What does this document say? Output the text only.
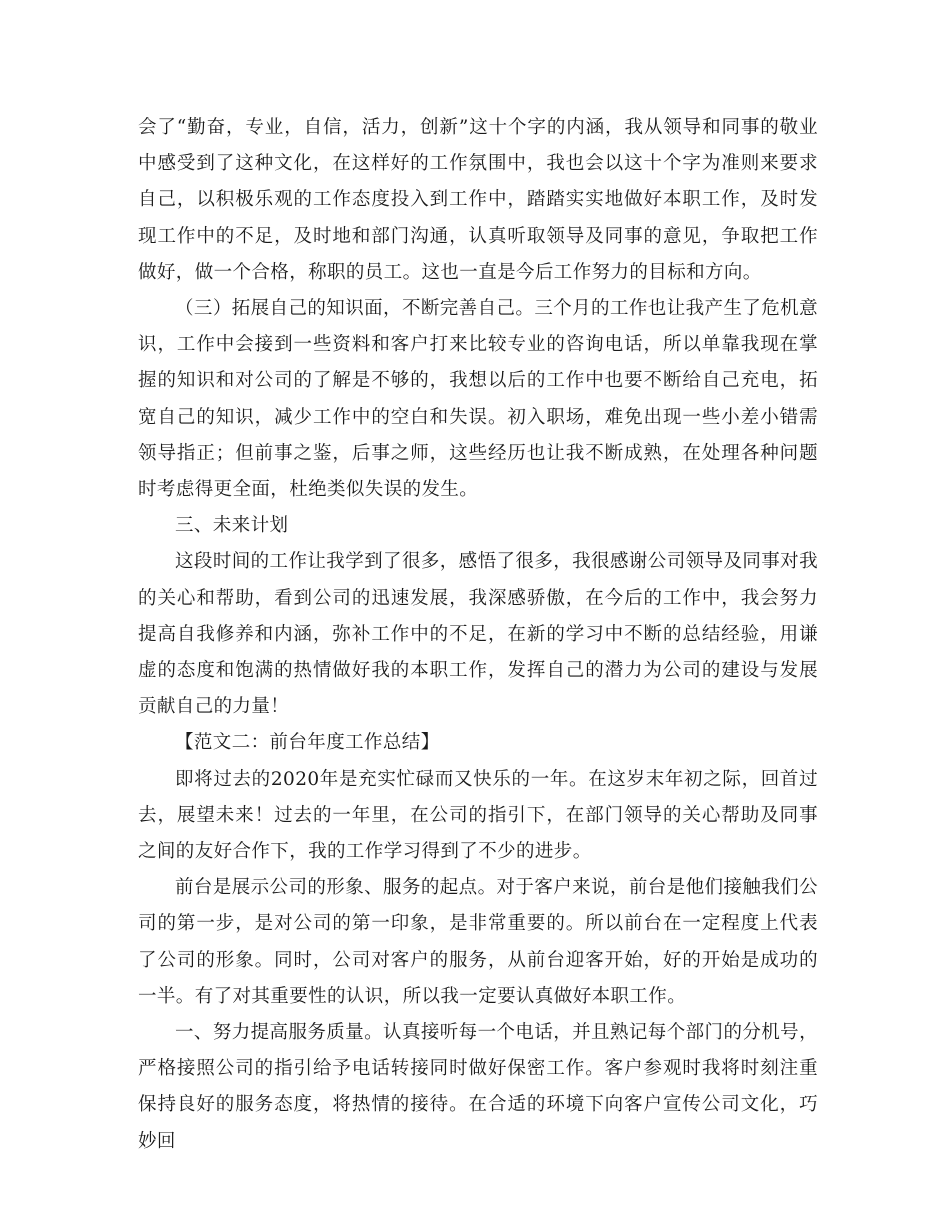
会了“勤奋，专业，自信，活力，创新”这十个字的内涵，我从领导和同事的敬业中感受到了这种文化，在这样好的工作氛围中，我也会以这十个字为准则来要求自己，以积极乐观的工作态度投入到工作中，踏踏实实地做好本职工作，及时发现工作中的不足，及时地和部门沟通，认真听取领导及同事的意见，争取把工作做好，做一个合格，称职的员工。这也一直是今后工作努力的目标和方向。

（三）拓展自己的知识面，不断完善自己。三个月的工作也让我产生了危机意识，工作中会接到一些资料和客户打来比较专业的咨询电话，所以单靠我现在掌握的知识和对公司的了解是不够的，我想以后的工作中也要不断给自己充电，拓宽自己的知识，减少工作中的空白和失误。初入职场，难免出现一些小差小错需领导指正；但前事之鉴，后事之师，这些经历也让我不断成熟，在处理各种问题时考虑得更全面，杜绝类似失误的发生。

三、未来计划

这段时间的工作让我学到了很多，感悟了很多，我很感谢公司领导及同事对我的关心和帮助，看到公司的迅速发展，我深感骄傲，在今后的工作中，我会努力提高自我修养和内涵，弥补工作中的不足，在新的学习中不断的总结经验，用谦虚的态度和饱满的热情做好我的本职工作，发挥自己的潜力为公司的建设与发展贡献自己的力量！

【范文二：前台年度工作总结】

即将过去的2020年是充实忙碌而又快乐的一年。在这岁末年初之际，回首过去，展望未来！过去的一年里，在公司的指引下，在部门领导的关心帮助及同事之间的友好合作下，我的工作学习得到了不少的进步。

前台是展示公司的形象、服务的起点。对于客户来说，前台是他们接触我们公司的第一步，是对公司的第一印象，是非常重要的。所以前台在一定程度上代表了公司的形象。同时，公司对客户的服务，从前台迎客开始，好的开始是成功的一半。有了对其重要性的认识，所以我一定要认真做好本职工作。

一、努力提高服务质量。认真接听每一个电话，并且熟记每个部门的分机号，严格接照公司的指引给予电话转接同时做好保密工作。客户参观时我将时刻注重保持良好的服务态度，将热情的接待。在合适的环境下向客户宣传公司文化，巧妙回
